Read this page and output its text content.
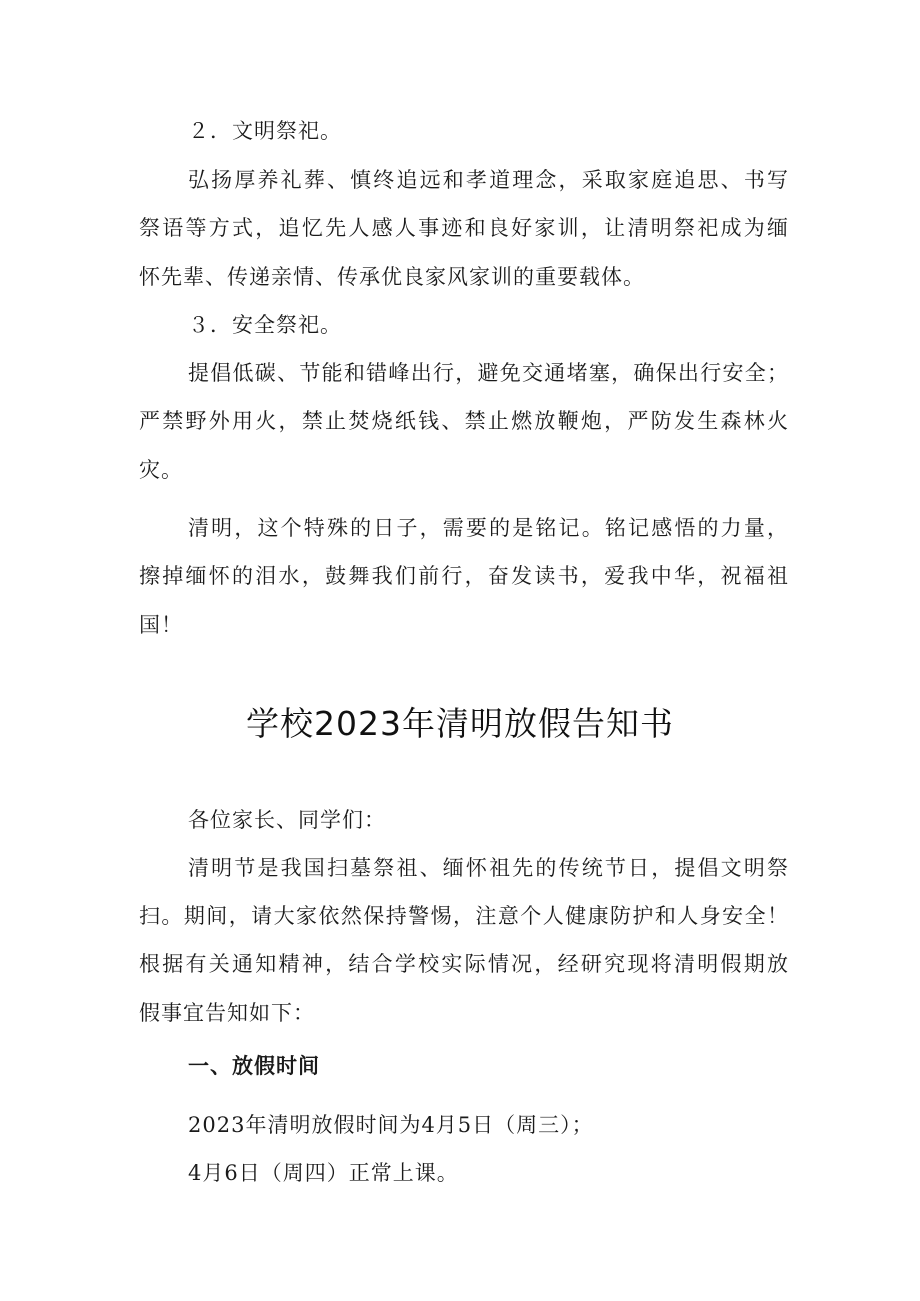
２．文明祭祀。
弘扬厚养礼葬、慎终追远和孝道理念，采取家庭追思、书写
祭语等方式，追忆先人感人事迹和良好家训，让清明祭祀成为缅
怀先辈、传递亲情、传承优良家风家训的重要载体。
３．安全祭祀。
提倡低碳、节能和错峰出行，避免交通堵塞，确保出行安全；
严禁野外用火，禁止焚烧纸钱、禁止燃放鞭炮，严防发生森林火
灾。
清明，这个特殊的日子，需要的是铭记。铭记感悟的力量，
擦掉缅怀的泪水，鼓舞我们前行，奋发读书，爱我中华，祝福祖
国！
学校2023年清明放假告知书
各位家长、同学们：
清明节是我国扫墓祭祖、缅怀祖先的传统节日，提倡文明祭
扫。期间，请大家依然保持警惕，注意个人健康防护和人身安全！
根据有关通知精神，结合学校实际情况，经研究现将清明假期放
假事宜告知如下：
一、放假时间
2023年清明放假时间为4月5日（周三）；
4月6日（周四）正常上课。
